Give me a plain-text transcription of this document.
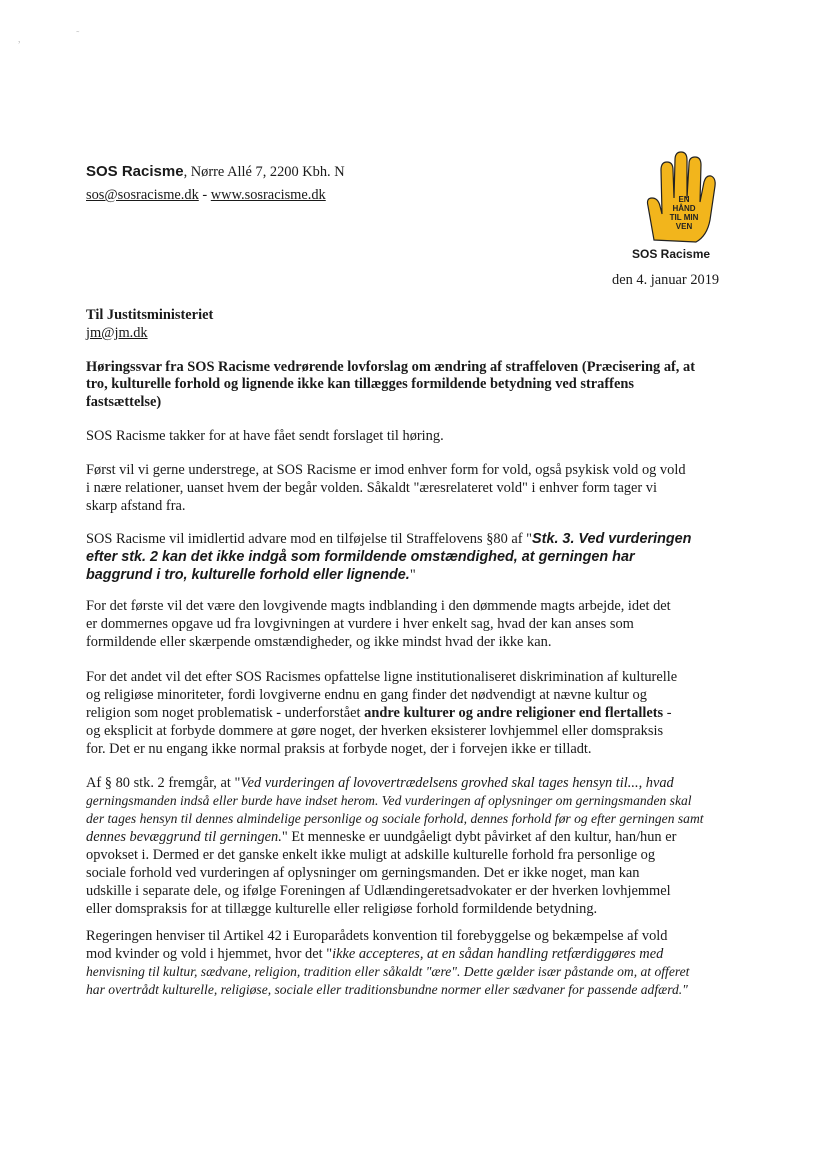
,	˜
SOS Racisme, Nørre Allé 7, 2200 Kbh. N
sos@sosracisme.dk - www.sosracisme.dk	EN
HÅND
TIL MIN
VEN
SOS Racisme
den 4. januar 2019
Til Justitsministeriet
jm@jm.dk
Høringssvar fra SOS Racisme vedrørende lovforslag om ændring af straffeloven (Præcisering af, at
tro, kulturelle forhold og lignende ikke kan tillægges formildende betydning ved straffens
fastsættelse)
SOS Racisme takker for at have fået sendt forslaget til høring.
Først vil vi gerne understrege, at SOS Racisme er imod enhver form for vold, også psykisk vold og vold
i nære relationer, uanset hvem der begår volden. Såkaldt "æresrelateret vold" i enhver form tager vi
skarp afstand fra.
SOS Racisme vil imidlertid advare mod en tilføjelse til Straffelovens §80 af "Stk. 3. Ved vurderingen
efter stk. 2 kan det ikke indgå som formildende omstændighed, at gerningen har
baggrund i tro, kulturelle forhold eller lignende."
For det første vil det være den lovgivende magts indblanding i den dømmende magts arbejde, idet det
er dommernes opgave ud fra lovgivningen at vurdere i hver enkelt sag, hvad der kan anses som
formildende eller skærpende omstændigheder, og ikke mindst hvad der ikke kan.
For det andet vil det efter SOS Racismes opfattelse ligne institutionaliseret diskrimination af kulturelle
og religiøse minoriteter, fordi lovgiverne endnu en gang finder det nødvendigt at nævne kultur og
religion som noget problematisk - underforstået andre kulturer og andre religioner end flertallets -
og eksplicit at forbyde dommere at gøre noget, der hverken eksisterer lovhjemmel eller domspraksis
for. Det er nu engang ikke normal praksis at forbyde noget, der i forvejen ikke er tilladt.
Af § 80 stk. 2 fremgår, at "Ved vurderingen af lovovertrædelsens grovhed skal tages hensyn til..., hvad
gerningsmanden indså eller burde have indset herom. Ved vurderingen af oplysninger om gerningsmanden skal
der tages hensyn til dennes almindelige personlige og sociale forhold, dennes forhold før og efter gerningen samt
dennes bevæggrund til gerningen." Et menneske er uundgåeligt dybt påvirket af den kultur, han/hun er
opvokset i. Dermed er det ganske enkelt ikke muligt at adskille kulturelle forhold fra personlige og
sociale forhold ved vurderingen af oplysninger om gerningsmanden. Det er ikke noget, man kan
udskille i separate dele, og ifølge Foreningen af Udlændingeretsadvokater er der hverken lovhjemmel
eller domspraksis for at tillægge kulturelle eller religiøse forhold formildende betydning.
Regeringen henviser til Artikel 42 i Europarådets konvention til forebyggelse og bekæmpelse af vold
mod kvinder og vold i hjemmet, hvor det "ikke accepteres, at en sådan handling retfærdiggøres med
henvisning til kultur, sædvane, religion, tradition eller såkaldt "ære". Dette gælder især påstande om, at offeret
har overtrådt kulturelle, religiøse, sociale eller traditionsbundne normer eller sædvaner for passende adfærd."
